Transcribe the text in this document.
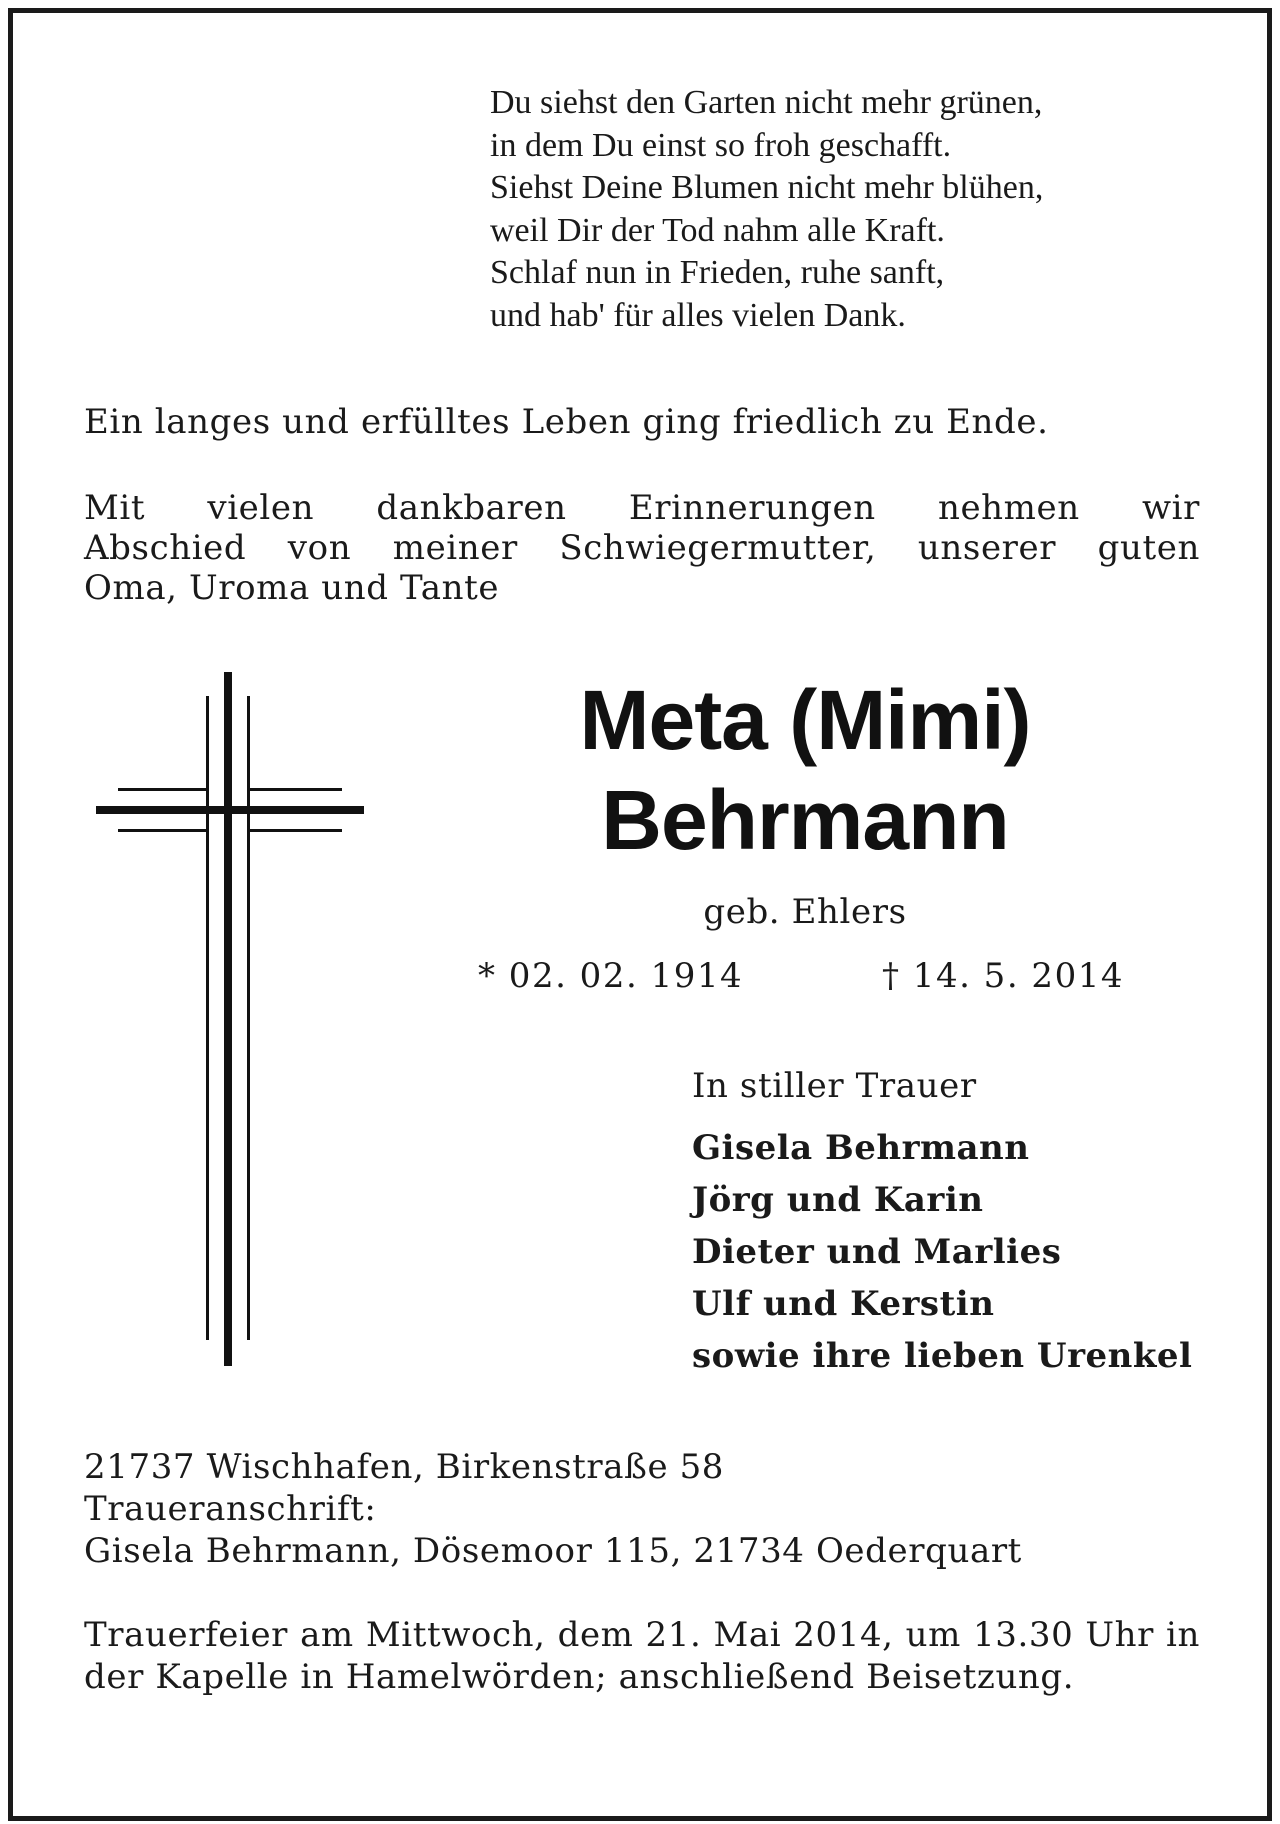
Du siehst den Garten nicht mehr grünen,
in dem Du einst so froh geschafft.
Siehst Deine Blumen nicht mehr blühen,
weil Dir der Tod nahm alle Kraft.
Schlaf nun in Frieden, ruhe sanft,
und hab' für alles vielen Dank.
Ein langes und erfülltes Leben ging friedlich zu Ende.
Mit vielen dankbaren Erinnerungen nehmen wir
Abschied von meiner Schwiegermutter, unserer guten
Oma, Uroma und Tante
Meta (Mimi)
Behrmann
geb. Ehlers
* 02. 02. 1914	† 14. 5. 2014
In stiller Trauer
Gisela Behrmann
Jörg und Karin
Dieter und Marlies
Ulf und Kerstin
sowie ihre lieben Urenkel
21737 Wischhafen, Birkenstraße 58
Traueranschrift:
Gisela Behrmann, Dösemoor 115, 21734 Oederquart
Trauerfeier am Mittwoch, dem 21. Mai 2014, um 13.30 Uhr in der Kapelle in Hamelwörden; anschließend Beisetzung.
